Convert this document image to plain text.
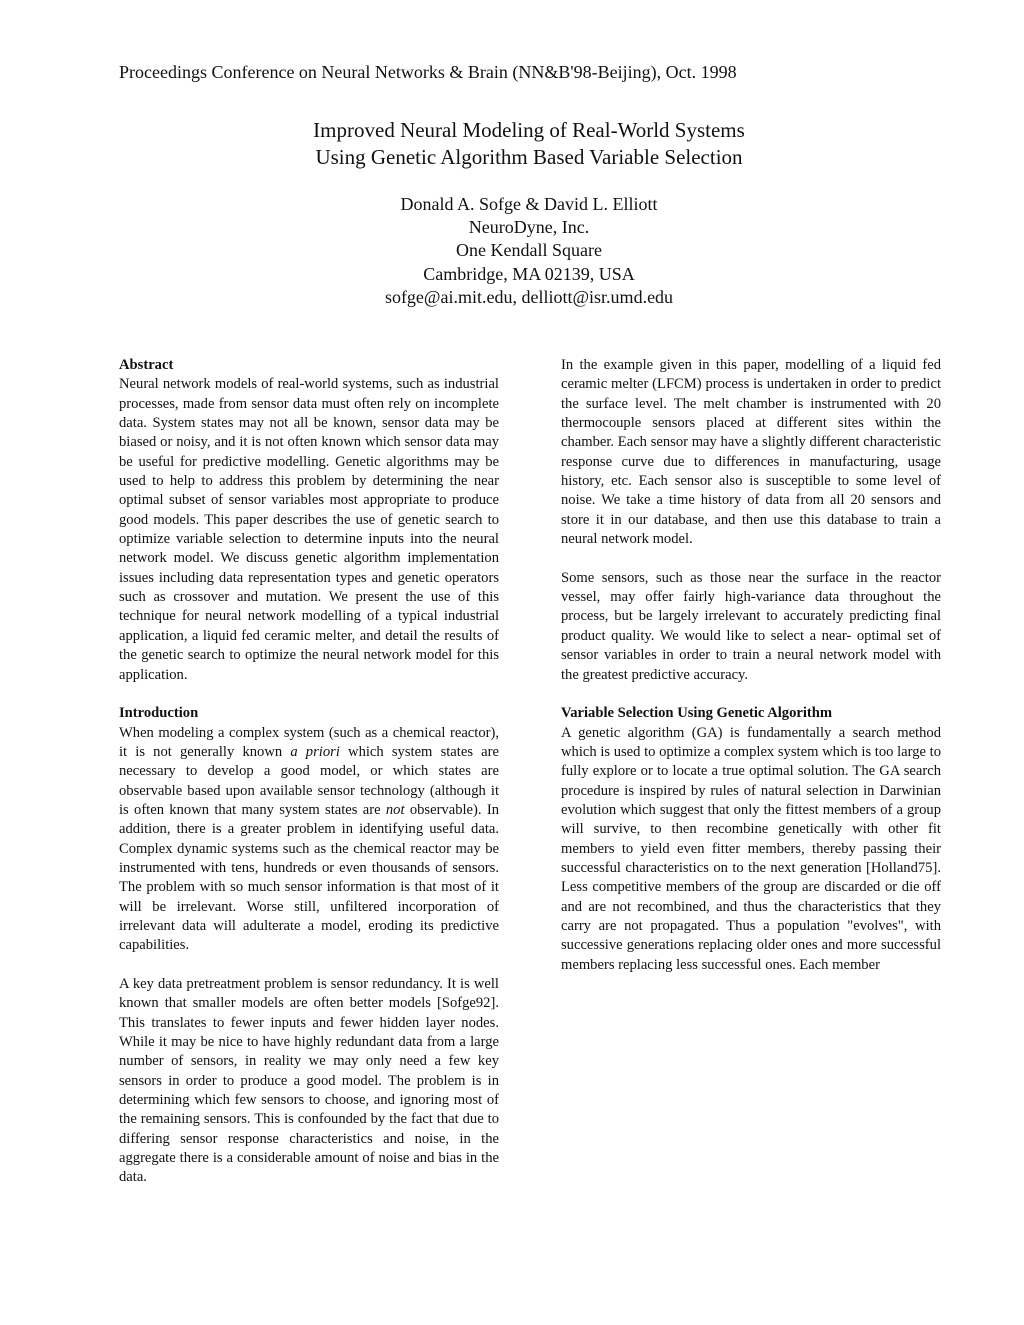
Proceedings Conference on Neural Networks & Brain (NN&B'98-Beijing), Oct. 1998
Improved Neural Modeling of Real-World Systems
Using Genetic Algorithm Based Variable Selection
Donald A. Sofge & David L. Elliott
NeuroDyne, Inc.
One Kendall Square
Cambridge, MA 02139, USA
sofge@ai.mit.edu, delliott@isr.umd.edu
Abstract

Neural network models of real-world systems, such as industrial processes, made from sensor data must often rely on incomplete data. System states may not all be known, sensor data may be biased or noisy, and it is not often known which sensor data may be useful for predictive modelling. Genetic algorithms may be used to help to address this problem by determining the near optimal subset of sensor variables most appropriate to produce good models. This paper describes the use of genetic search to optimize variable selection to determine inputs into the neural network model. We discuss genetic algorithm implementation issues including data representation types and genetic operators such as crossover and mutation. We present the use of this technique for neural network modelling of a typical industrial application, a liquid fed ceramic melter, and detail the results of the genetic search to optimize the neural network model for this application.

Introduction

When modeling a complex system (such as a chemical reactor), it is not generally known a priori which system states are necessary to develop a good model, or which states are observable based upon available sensor technology (although it is often known that many system states are not observable). In addition, there is a greater problem in identifying useful data. Complex dynamic systems such as the chemical reactor may be instrumented with tens, hundreds or even thousands of sensors. The problem with so much sensor information is that most of it will be irrelevant. Worse still, unfiltered incorporation of irrelevant data will adulterate a model, eroding its predictive capabilities.

A key data pretreatment problem is sensor redundancy. It is well known that smaller models are often better models [Sofge92]. This translates to fewer inputs and fewer hidden layer nodes. While it may be nice to have highly redundant data from a large number of sensors, in reality we may only need a few key sensors in order to produce a good model. The problem is in determining which few sensors to choose, and ignoring most of the remaining sensors. This is confounded by the fact that due to differing sensor response characteristics and noise, in the aggregate there is a considerable amount of noise and bias in the data.

In the example given in this paper, modelling of a liquid fed ceramic melter (LFCM) process is undertaken in order to predict the surface level. The melt chamber is instrumented with 20 thermocouple sensors placed at different sites within the chamber. Each sensor may have a slightly different characteristic response curve due to differences in manufacturing, usage history, etc. Each sensor also is susceptible to some level of noise. We take a time history of data from all 20 sensors and store it in our database, and then use this database to train a neural network model.

Some sensors, such as those near the surface in the reactor vessel, may offer fairly high-variance data throughout the process, but be largely irrelevant to accurately predicting final product quality. We would like to select a near- optimal set of sensor variables in order to train a neural network model with the greatest predictive accuracy.

Variable Selection Using Genetic Algorithm

A genetic algorithm (GA) is fundamentally a search method which is used to optimize a complex system which is too large to fully explore or to locate a true optimal solution. The GA search procedure is inspired by rules of natural selection in Darwinian evolution which suggest that only the fittest members of a group will survive, to then recombine genetically with other fit members to yield even fitter members, thereby passing their successful characteristics on to the next generation [Holland75]. Less competitive members of the group are discarded or die off and are not recombined, and thus the characteristics that they carry are not propagated. Thus a population "evolves", with successive generations replacing older ones and more successful members replacing less successful ones. Each member
